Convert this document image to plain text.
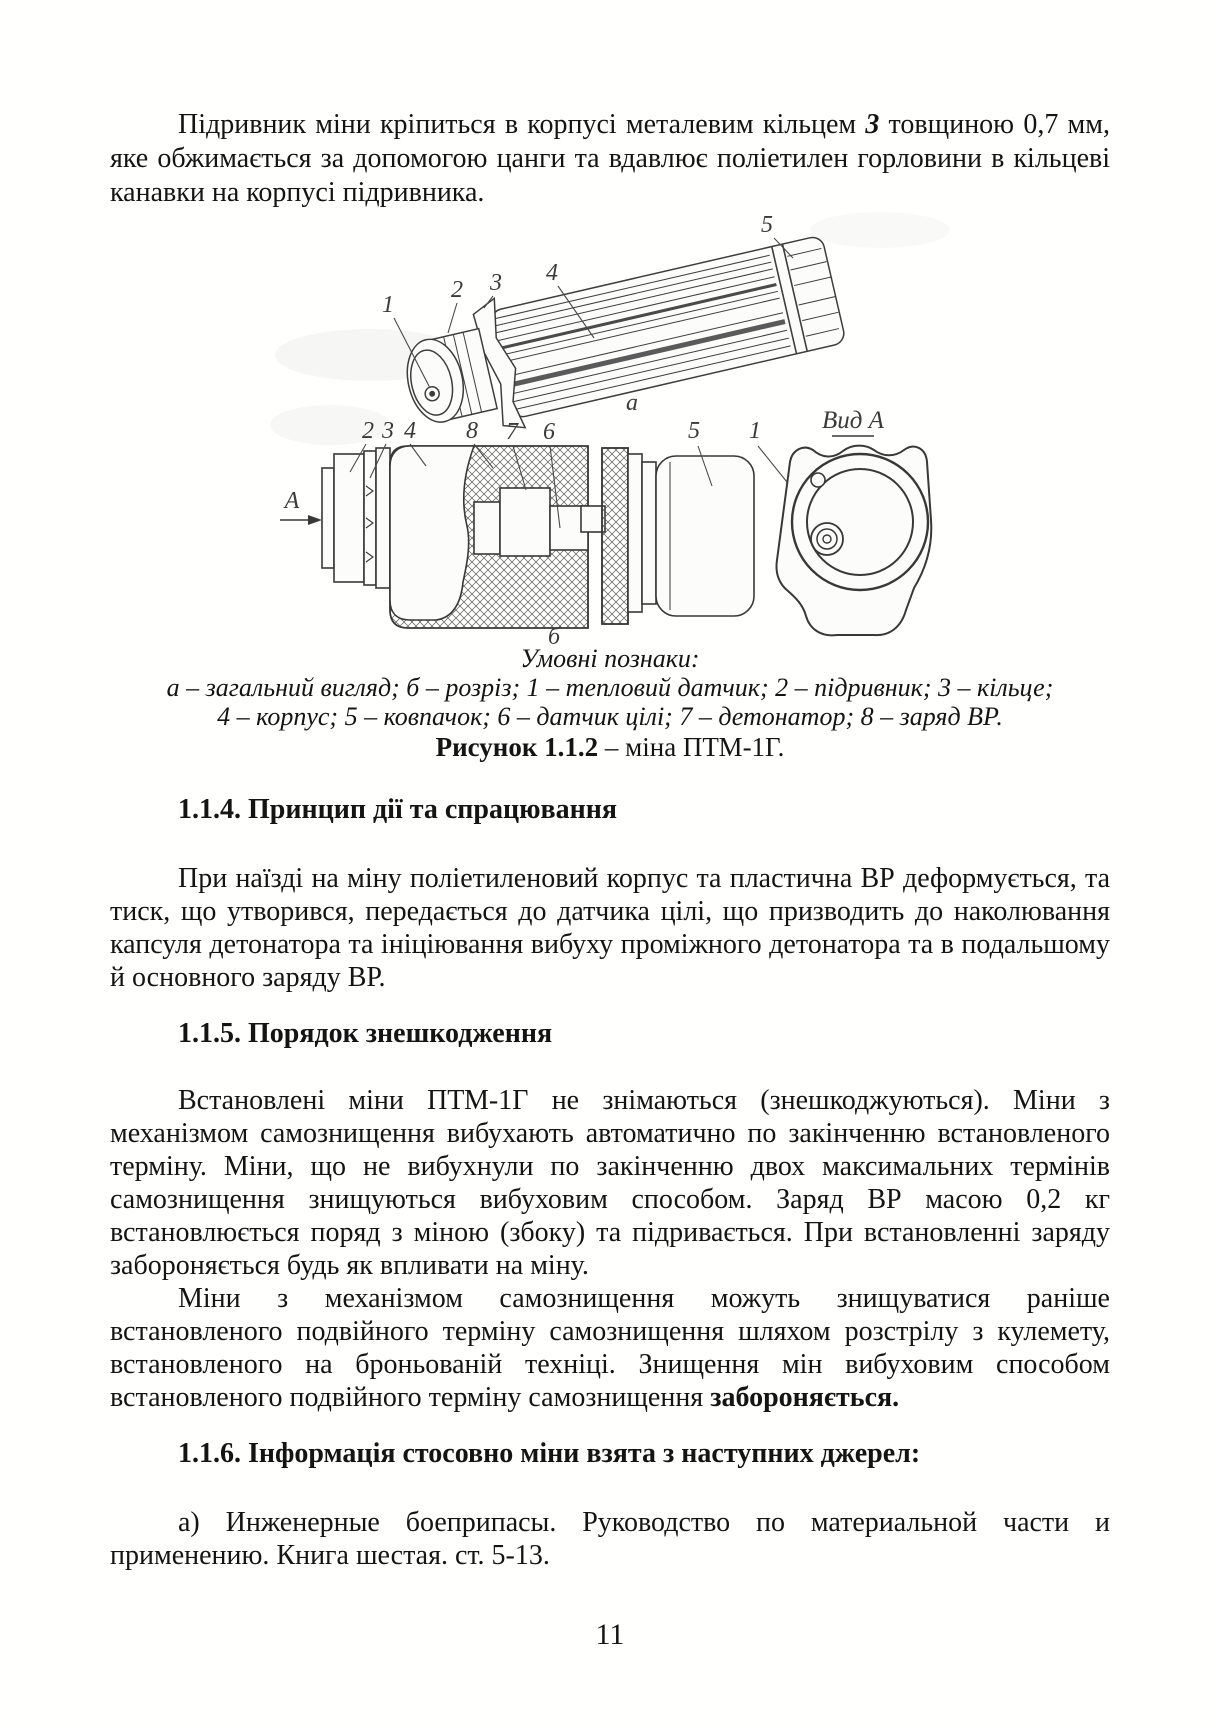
Підривник міни кріпиться в корпусі металевим кільцем 3 товщиною 0,7 мм, яке обжимається за допомогою цанги та вдавлює поліетилен горловини в кільцеві канавки на корпусі підривника.

1
2 3 4
5
а
2 3 4 8 7 6	5 1
А
б
Вид А
Умовні познаки:
а – загальний вигляд; б – розріз; 1 – тепловий датчик; 2 – підривник; 3 – кільце;
4 – корпус; 5 – ковпачок; 6 – датчик цілі; 7 – детонатор; 8 – заряд ВР.
Рисунок 1.1.2 – міна ПТМ-1Г.
1.1.4. Принцип дії та спрацювання

При наїзді на міну поліетиленовий корпус та пластична ВР деформується, та тиск, що утворився, передається до датчика цілі, що призводить до наколювання капсуля детонатора та ініціювання вибуху проміжного детонатора та в подальшому й основного заряду ВР.

1.1.5. Порядок знешкодження

Встановлені міни ПТМ-1Г не знімаються (знешкоджуються). Міни з механізмом самознищення вибухають автоматично по закінченню встановленого терміну. Міни, що не вибухнули по закінченню двох максимальних термінів самознищення знищуються вибуховим способом. Заряд ВР масою 0,2 кг встановлюється поряд з міною (збоку) та підривається. При встановленні заряду забороняється будь як впливати на міну.

Міни з механізмом самознищення можуть знищуватися раніше встановленого подвійного терміну самознищення шляхом розстрілу з кулемету, встановленого на броньованій техніці. Знищення мін вибуховим способом встановленого подвійного терміну самознищення забороняється.

1.1.6. Інформація стосовно міни взята з наступних джерел:

а) Инженерные боеприпасы. Руководство по материальной части и применению. Книга шестая. ст. 5-13.

11
